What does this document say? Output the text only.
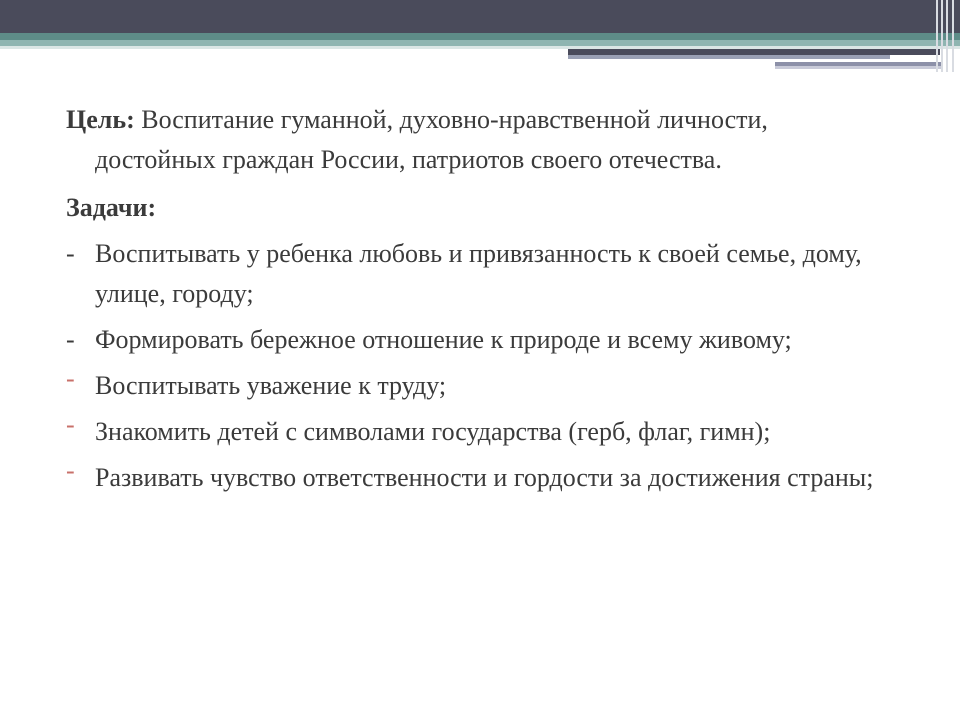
Цель: Воспитание гуманной, духовно-нравственной личности, достойных граждан России, патриотов своего отечества.

Задачи:

- Воспитывать у ребенка любовь и привязанность к своей семье, дому, улице, городу;
- Формировать бережное отношение к природе и всему живому;
- Воспитывать уважение к труду;
- Знакомить детей с символами государства (герб, флаг, гимн);
- Развивать чувство ответственности и гордости за достижения страны;
